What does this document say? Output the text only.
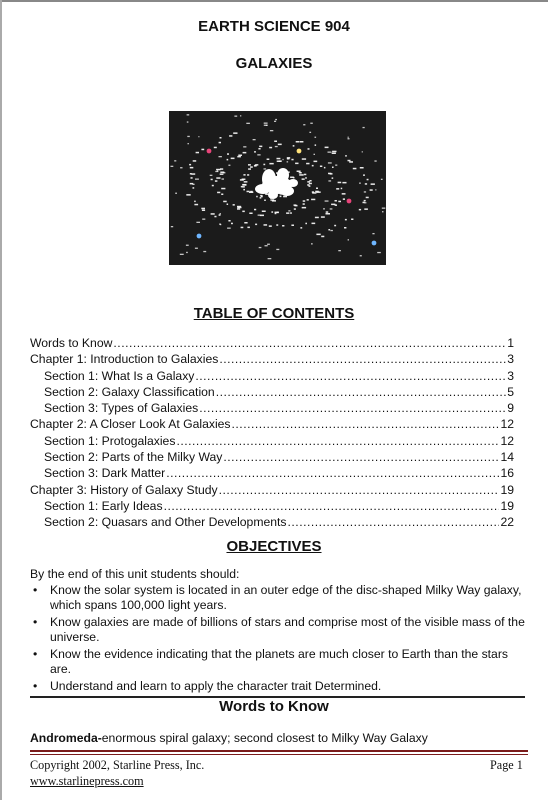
EARTH SCIENCE 904
GALAXIES
TABLE OF CONTENTS
Words to Know .....	1
Chapter 1: Introduction to Galaxies .....	3
Section 1: What Is a Galaxy .....	3
Section 2: Galaxy Classification .....	5
Section 3: Types of Galaxies .....	9
Chapter 2: A Closer Look At Galaxies .....	12
Section 1: Protogalaxies .....	12
Section 2: Parts of the Milky Way .....	14
Section 3: Dark Matter .....	16
Chapter 3: History of Galaxy Study .....	19
Section 1: Early Ideas .....	19
Section 2: Quasars and Other Developments .....	22
OBJECTIVES
By the end of this unit students should:
• Know the solar system is located in an outer edge of the disc-shaped Milky Way galaxy, which spans 100,000 light years.
• Know galaxies are made of billions of stars and comprise most of the visible mass of the universe.
• Know the evidence indicating that the planets are much closer to Earth than the stars are.
• Understand and learn to apply the character trait Determined.
Words to Know
Andromeda-enormous spiral galaxy; second closest to Milky Way Galaxy
Copyright 2002, Starline Press, Inc.
www.starlinepress.com
Page 1
